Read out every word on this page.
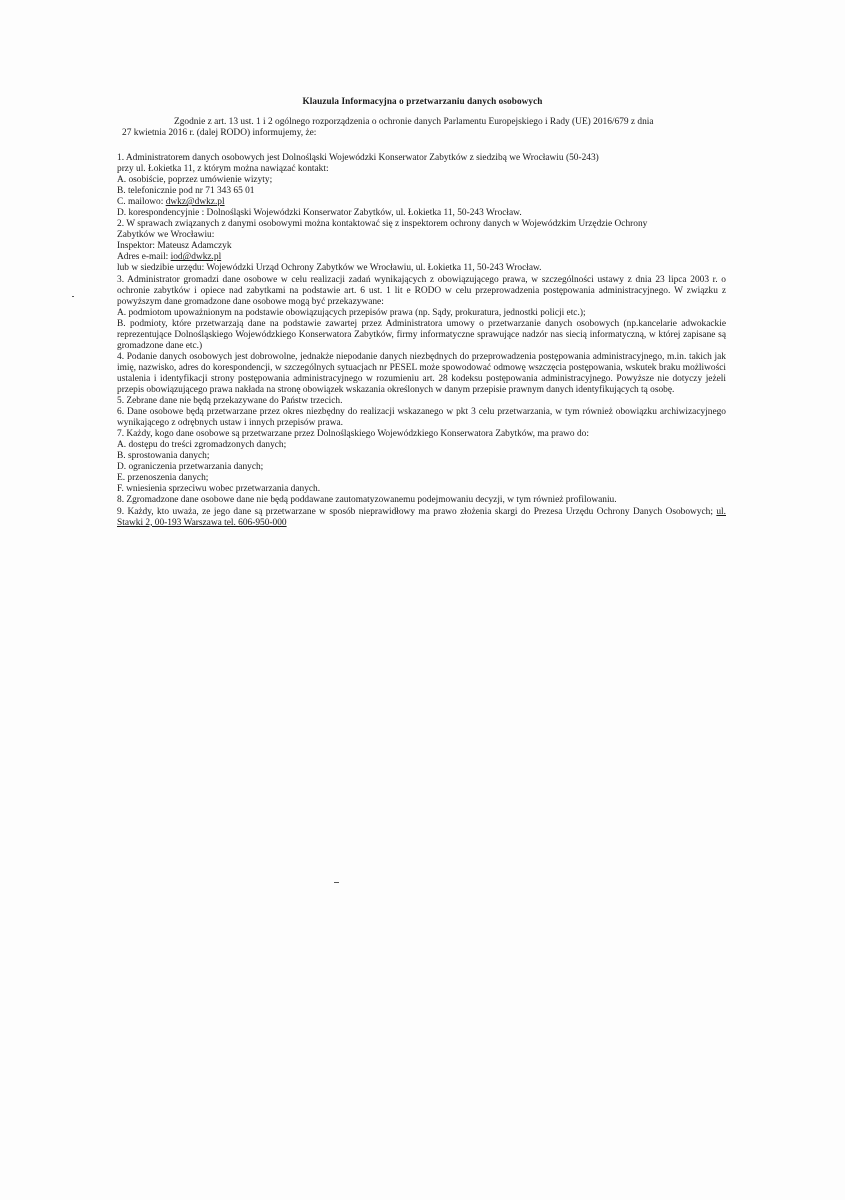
Klauzula Informacyjna o przetwarzaniu danych osobowych
Zgodnie z art. 13 ust. 1 i 2 ogólnego rozporządzenia o ochronie danych Parlamentu Europejskiego i Rady (UE) 2016/679 z dnia
27 kwietnia 2016 r. (dalej RODO) informujemy, że:

1. Administratorem danych osobowych jest Dolnośląski Wojewódzki Konserwator Zabytków z siedzibą we Wrocławiu (50-243)

przy ul. Łokietka 11, z którym można nawiązać kontakt:

A. osobiście, poprzez umówienie wizyty;

B. telefonicznie pod nr 71 343 65 01

C. mailowo: dwkz@dwkz.pl

D. korespondencyjnie : Dolnośląski Wojewódzki Konserwator Zabytków, ul. Łokietka 11, 50-243 Wrocław.

2. W sprawach związanych z danymi osobowymi można kontaktować się z inspektorem ochrony danych w Wojewódzkim Urzędzie Ochrony

Zabytków we Wrocławiu:

Inspektor: Mateusz Adamczyk

Adres e-mail: iod@dwkz.pl

lub w siedzibie urzędu: Wojewódzki Urząd Ochrony Zabytków we Wrocławiu, ul. Łokietka 11, 50-243 Wrocław.

3. Administrator gromadzi dane osobowe w celu realizacji zadań wynikających z obowiązującego prawa, w szczególności ustawy z dnia 23 lipca 2003 r. o ochronie zabytków i opiece nad zabytkami na podstawie art. 6 ust. 1 lit e RODO w celu przeprowadzenia postępowania administracyjnego. W związku z powyższym dane gromadzone dane osobowe mogą być przekazywane:

A. podmiotom upoważnionym na podstawie obowiązujących przepisów prawa (np. Sądy, prokuratura, jednostki policji etc.);

B. podmioty, które przetwarzają dane na podstawie zawartej przez Administratora umowy o przetwarzanie danych osobowych (np.kancelarie adwokackie reprezentujące Dolnośląskiego Wojewódzkiego Konserwatora Zabytków, firmy informatyczne sprawujące nadzór nas siecią informatyczną, w której zapisane są gromadzone dane etc.)

4. Podanie danych osobowych jest dobrowolne, jednakże niepodanie danych niezbędnych do przeprowadzenia postępowania administracyjnego, m.in. takich jak imię, nazwisko, adres do korespondencji, w szczególnych sytuacjach nr PESEL może spowodować odmowę wszczęcia postępowania, wskutek braku możliwości ustalenia i identyfikacji strony postępowania administracyjnego w rozumieniu art. 28 kodeksu postępowania administracyjnego. Powyższe nie dotyczy jeżeli przepis obowiązującego prawa nakłada na stronę obowiązek wskazania określonych w danym przepisie prawnym danych identyfikujących tą osobę.

5. Zebrane dane nie będą przekazywane do Państw trzecich.

6. Dane osobowe będą przetwarzane przez okres niezbędny do realizacji wskazanego w pkt 3 celu przetwarzania, w tym również obowiązku archiwizacyjnego wynikającego z odrębnych ustaw i innych przepisów prawa.

7. Każdy, kogo dane osobowe są przetwarzane przez Dolnośląskiego Wojewódzkiego Konserwatora Zabytków, ma prawo do:

A. dostępu do treści zgromadzonych danych;

B. sprostowania danych;

D. ograniczenia przetwarzania danych;

E. przenoszenia danych;

F. wniesienia sprzeciwu wobec przetwarzania danych.

8. Zgromadzone dane osobowe dane nie będą poddawane zautomatyzowanemu podejmowaniu decyzji, w tym również profilowaniu.

9. Każdy, kto uważa, ze jego dane są przetwarzane w sposób nieprawidłowy ma prawo złożenia skargi do Prezesa Urzędu Ochrony Danych Osobowych; ul. Stawki 2, 00-193 Warszawa tel. 606-950-000
